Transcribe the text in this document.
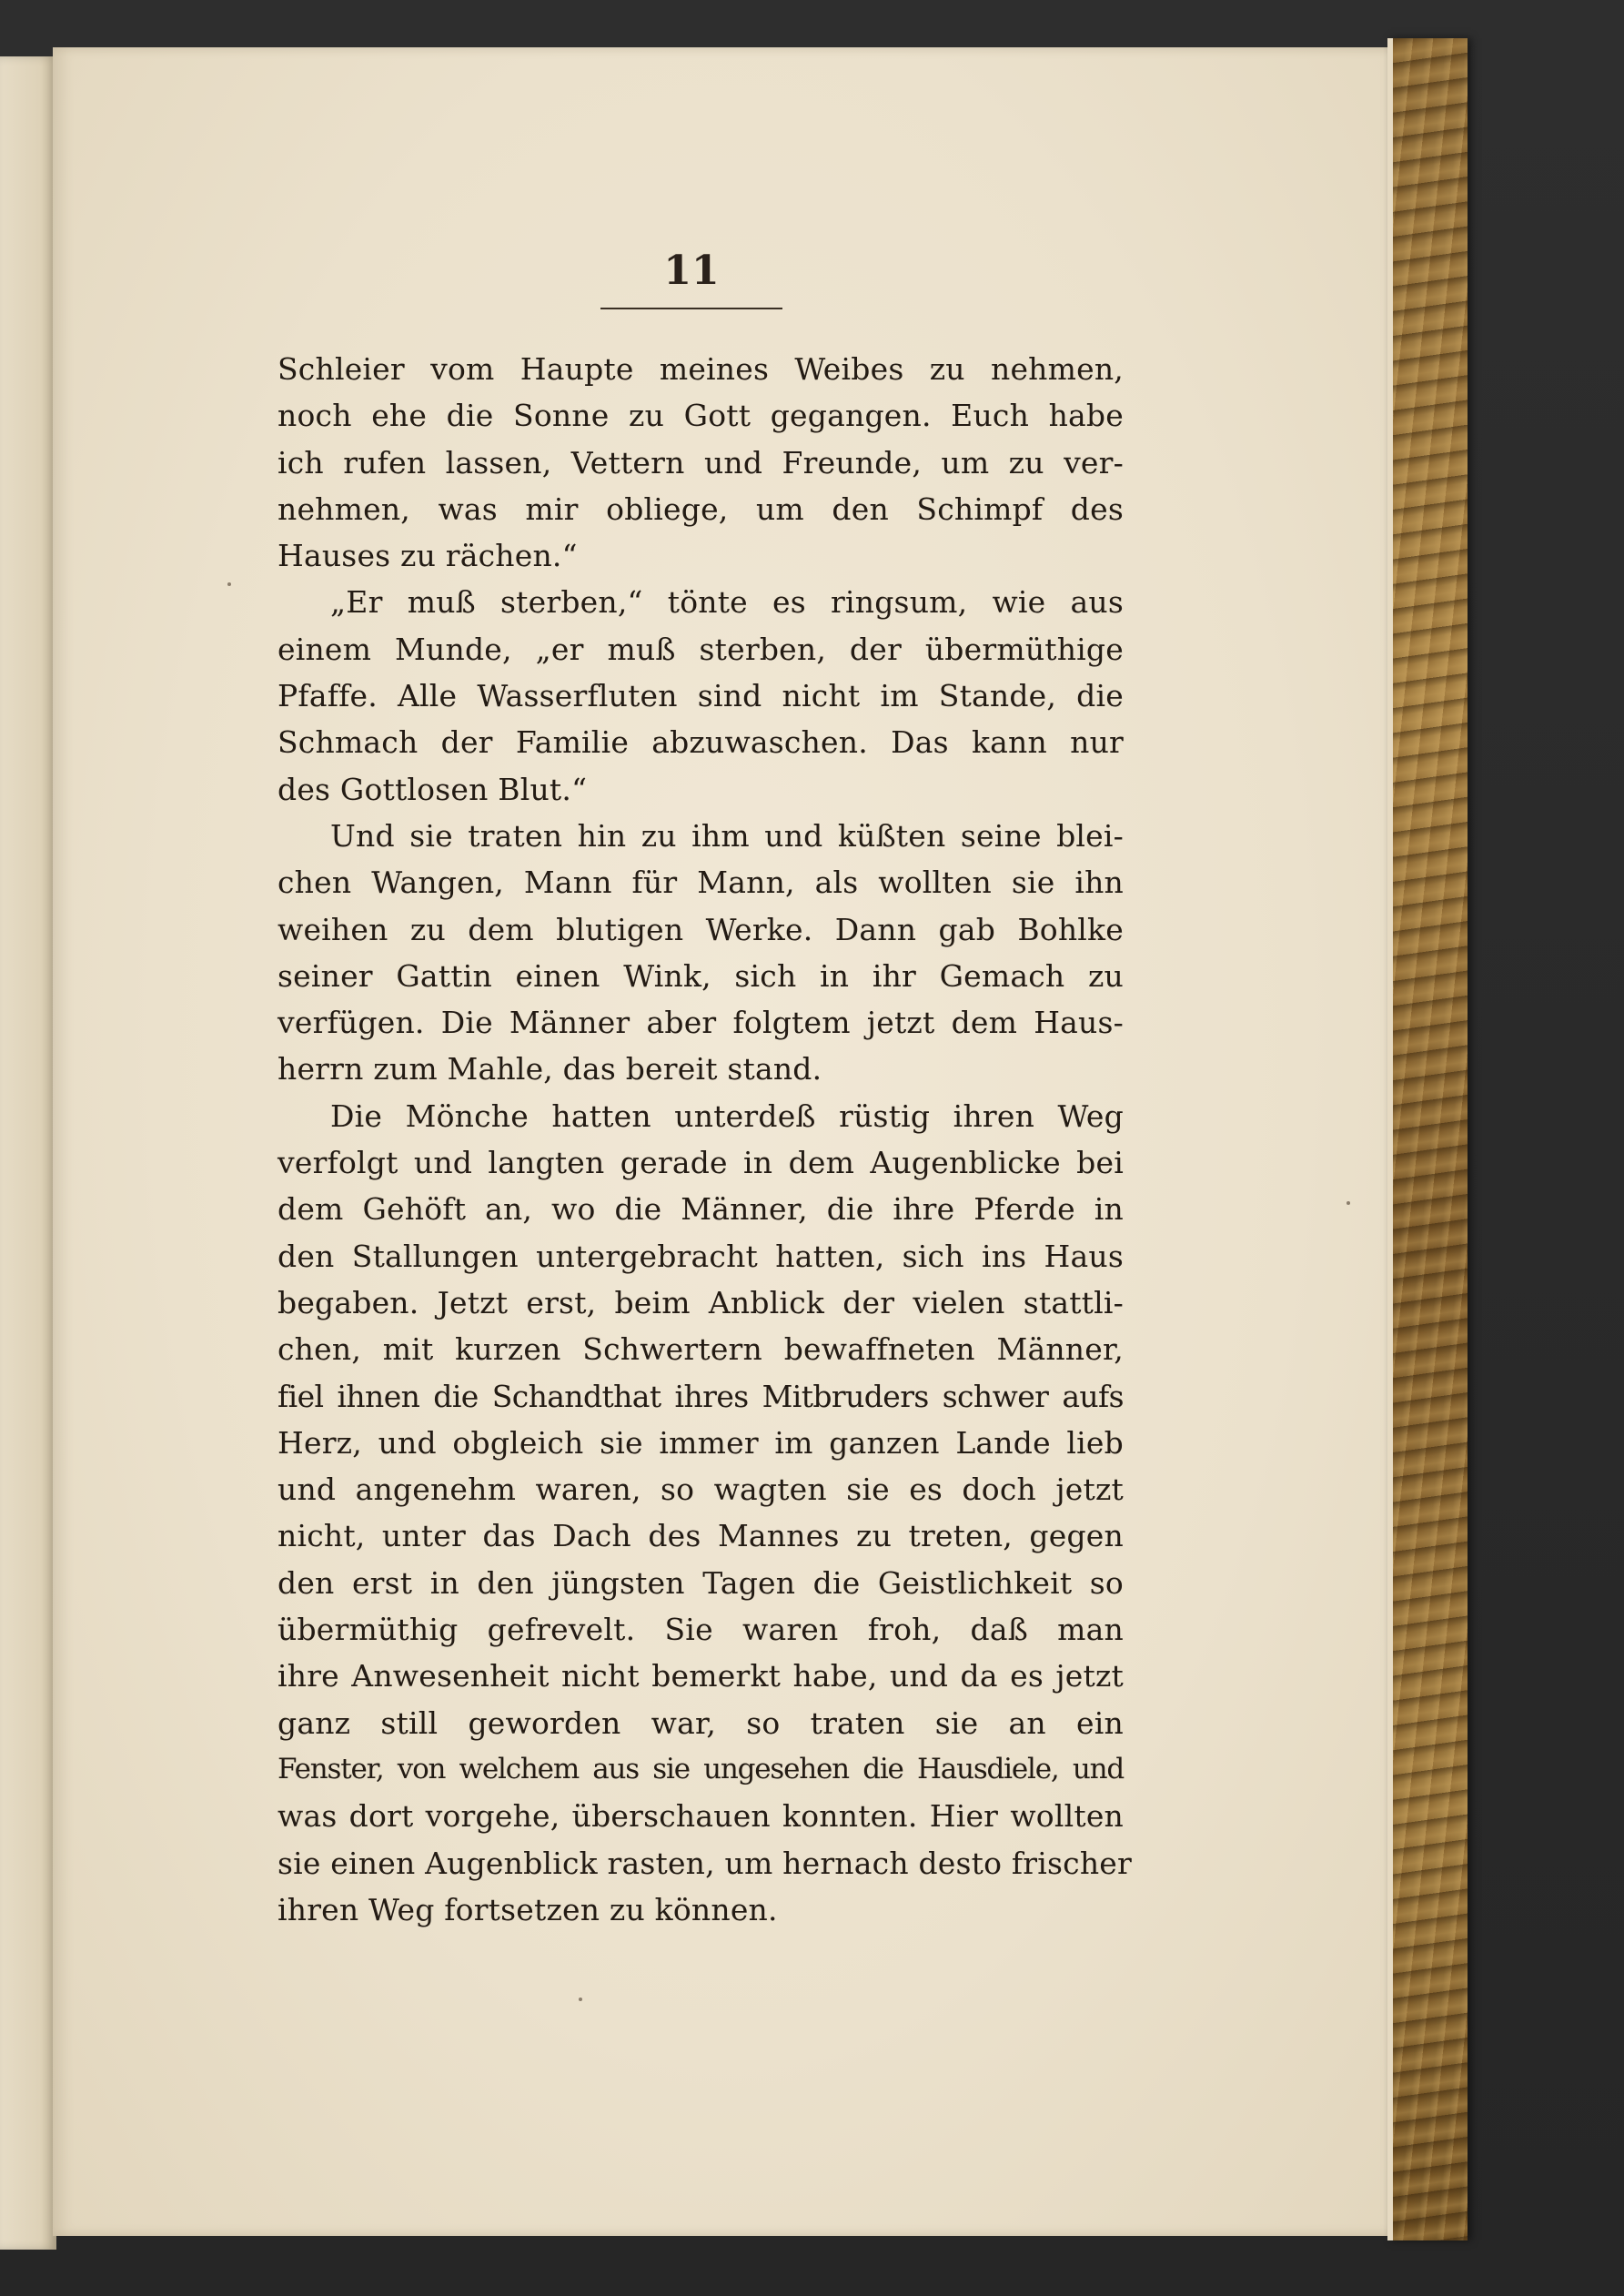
11
Schleier vom Haupte meines Weibes zu nehmen,
noch ehe die Sonne zu Gott gegangen. Euch habe
ich rufen lassen, Vettern und Freunde, um zu ver-
nehmen, was mir obliege, um den Schimpf des
Hauses zu rächen.“
„Er muß sterben,“ tönte es ringsum, wie aus
einem Munde, „er muß sterben, der übermüthige
Pfaffe. Alle Wasserfluten sind nicht im Stande, die
Schmach der Familie abzuwaschen. Das kann nur
des Gottlosen Blut.“
Und sie traten hin zu ihm und küßten seine blei-
chen Wangen, Mann für Mann, als wollten sie ihn
weihen zu dem blutigen Werke. Dann gab Bohlke
seiner Gattin einen Wink, sich in ihr Gemach zu
verfügen. Die Männer aber folgtem jetzt dem Haus-
herrn zum Mahle, das bereit stand.
Die Mönche hatten unterdeß rüstig ihren Weg
verfolgt und langten gerade in dem Augenblicke bei
dem Gehöft an, wo die Männer, die ihre Pferde in
den Stallungen untergebracht hatten, sich ins Haus
begaben. Jetzt erst, beim Anblick der vielen stattli-
chen, mit kurzen Schwertern bewaffneten Männer,
fiel ihnen die Schandthat ihres Mitbruders schwer aufs
Herz, und obgleich sie immer im ganzen Lande lieb
und angenehm waren, so wagten sie es doch jetzt
nicht, unter das Dach des Mannes zu treten, gegen
den erst in den jüngsten Tagen die Geistlichkeit so
übermüthig gefrevelt. Sie waren froh, daß man
ihre Anwesenheit nicht bemerkt habe, und da es jetzt
ganz still geworden war, so traten sie an ein
Fenster, von welchem aus sie ungesehen die Hausdiele, und
was dort vorgehe, überschauen konnten. Hier wollten
sie einen Augenblick rasten, um hernach desto frischer
ihren Weg fortsetzen zu können.
